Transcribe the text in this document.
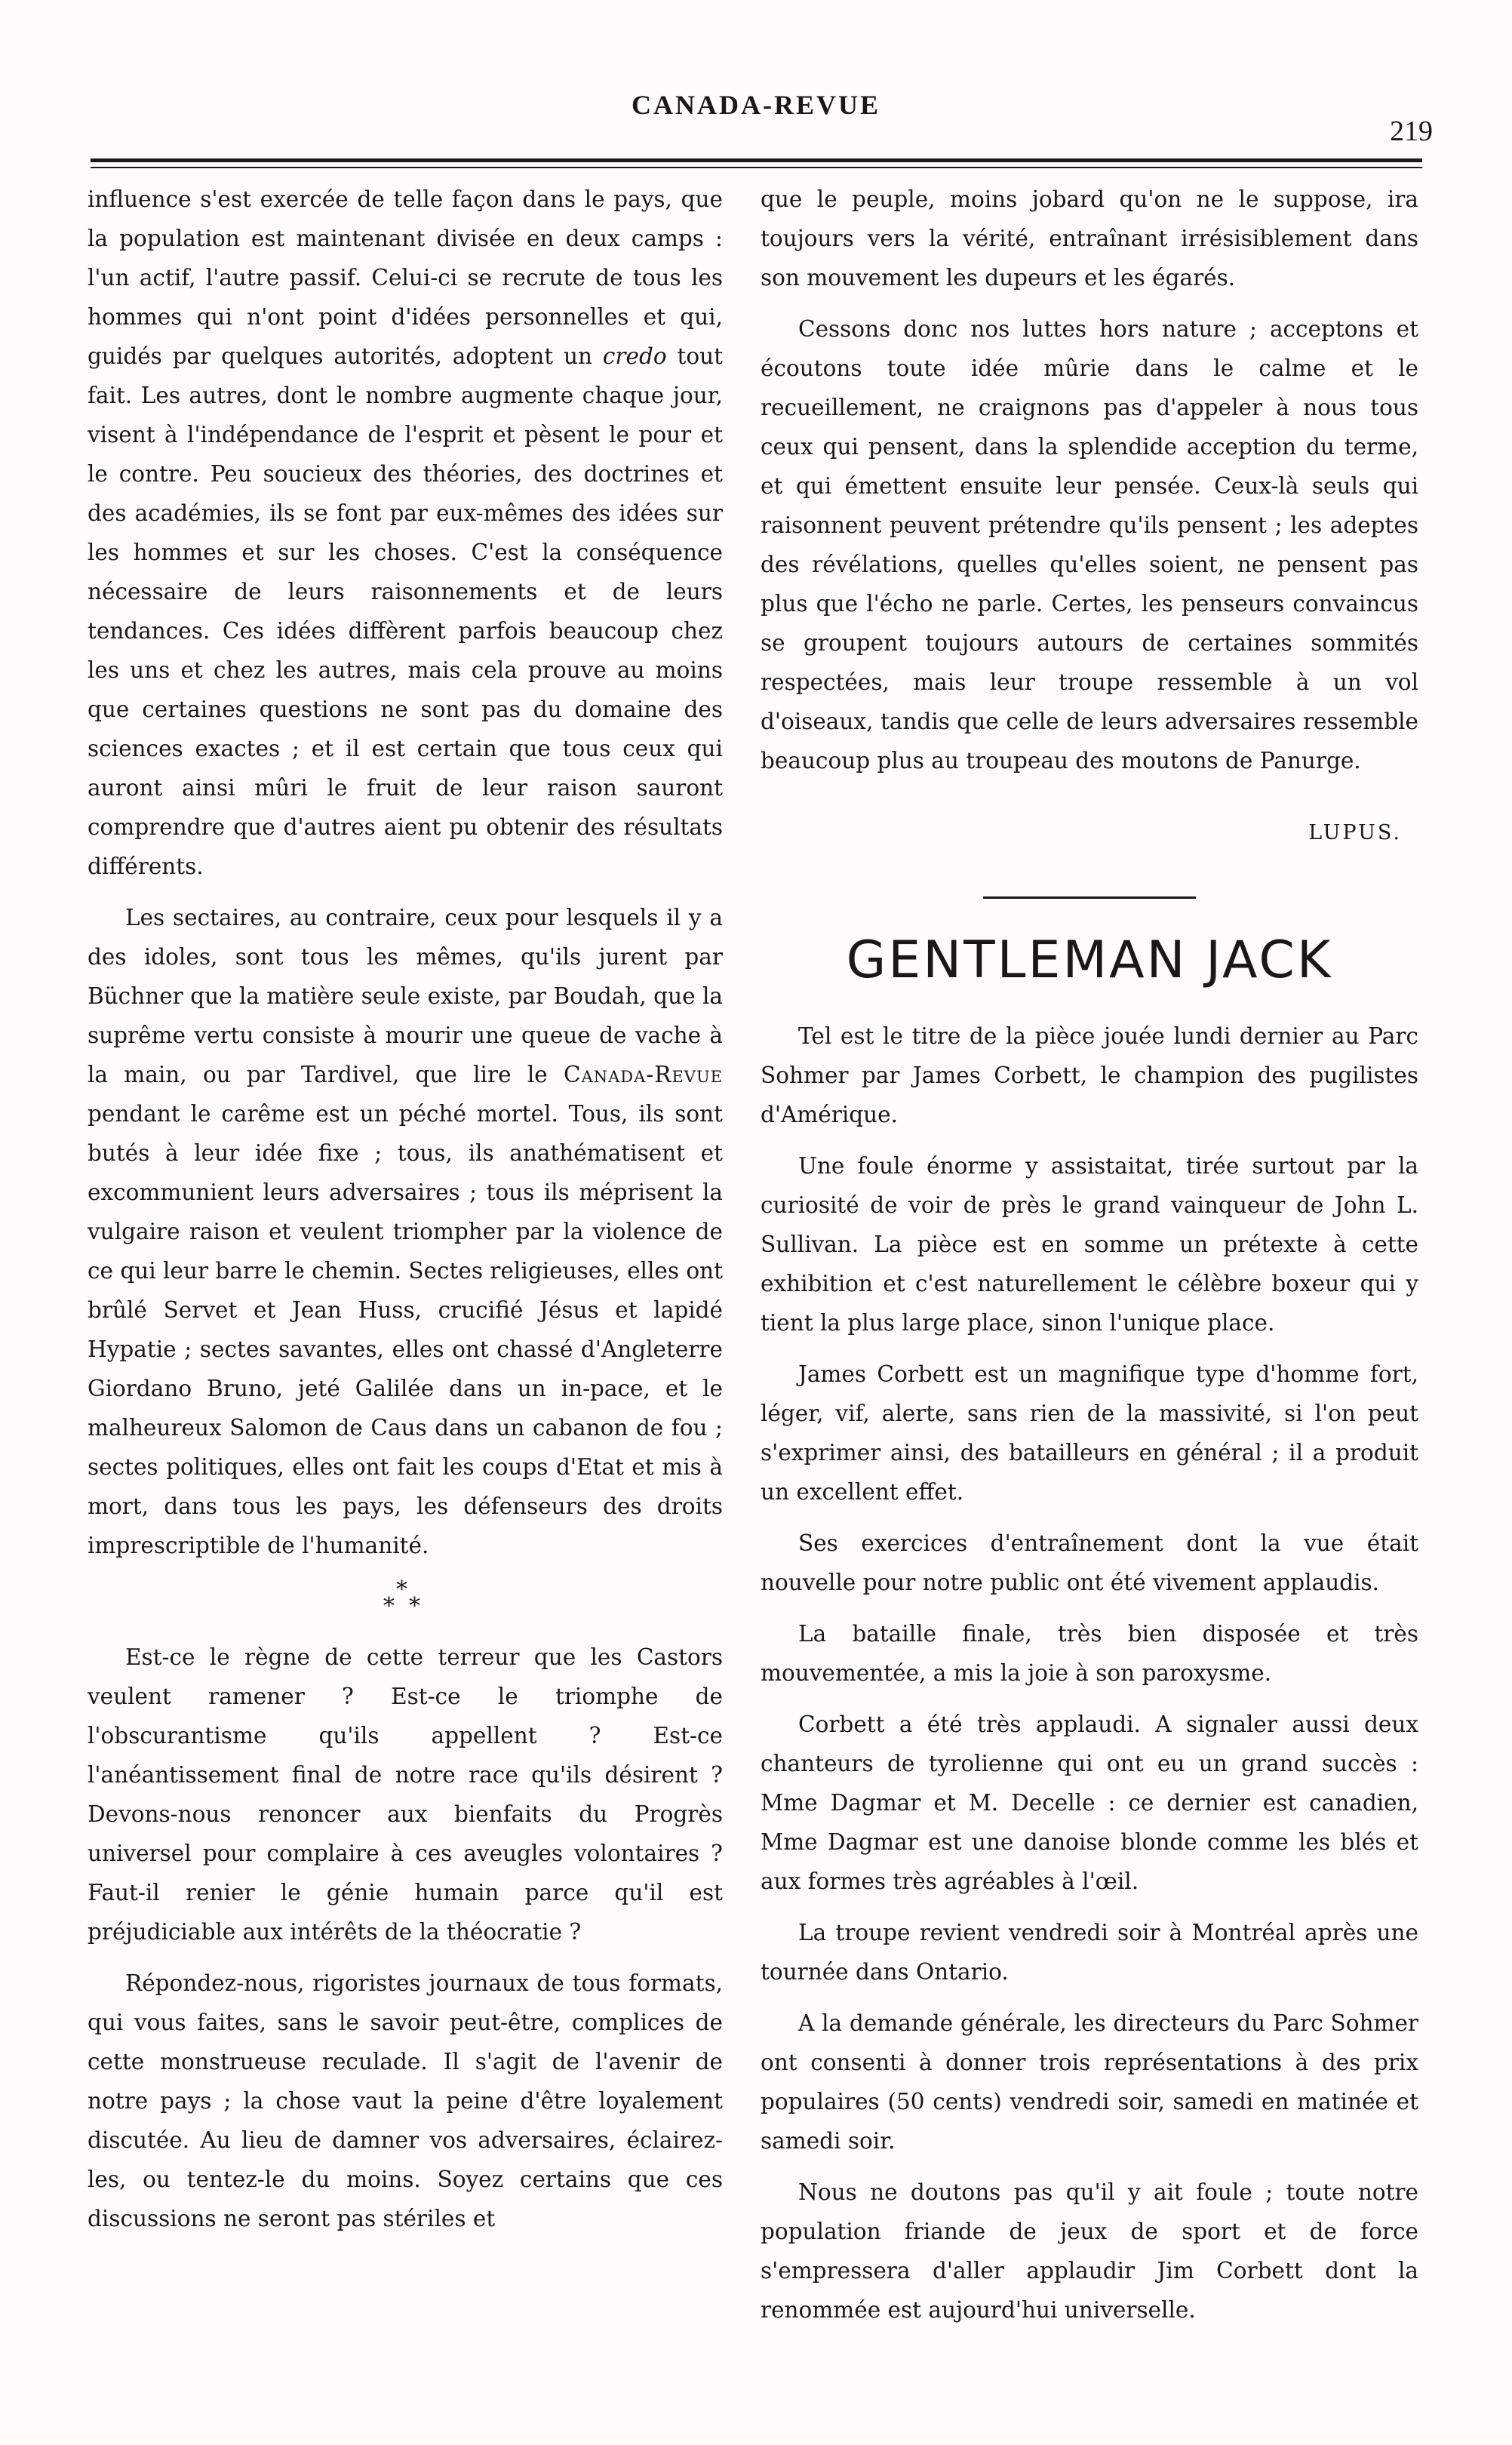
CANADA-REVUE
219

influence s'est exercée de telle façon dans le pays, que la population est maintenant divisée en deux camps : l'un actif, l'autre passif. Celui-ci se recrute de tous les hommes qui n'ont point d'idées personnelles et qui, guidés par quelques autorités, adoptent un credo tout fait. Les autres, dont le nombre augmente chaque jour, visent à l'indépendance de l'esprit et pèsent le pour et le contre. Peu soucieux des théories, des doctrines et des académies, ils se font par eux-mêmes des idées sur les hommes et sur les choses. C'est la conséquence nécessaire de leurs raisonnements et de leurs tendances. Ces idées diffèrent parfois beaucoup chez les uns et chez les autres, mais cela prouve au moins que certaines questions ne sont pas du domaine des sciences exactes ; et il est certain que tous ceux qui auront ainsi mûri le fruit de leur raison sauront comprendre que d'autres aient pu obtenir des résultats différents.

Les sectaires, au contraire, ceux pour lesquels il y a des idoles, sont tous les mêmes, qu'ils jurent par Büchner que la matière seule existe, par Boudah, que la suprême vertu consiste à mourir une queue de vache à la main, ou par Tardivel, que lire le Canada-Revue pendant le carême est un péché mortel. Tous, ils sont butés à leur idée fixe ; tous, ils anathématisent et excommunient leurs adversaires ; tous ils méprisent la vulgaire raison et veulent triompher par la violence de ce qui leur barre le chemin. Sectes religieuses, elles ont brûlé Servet et Jean Huss, crucifié Jésus et lapidé Hypatie ; sectes savantes, elles ont chassé d'Angleterre Giordano Bruno, jeté Galilée dans un in-pace, et le malheureux Salomon de Caus dans un cabanon de fou ; sectes politiques, elles ont fait les coups d'Etat et mis à mort, dans tous les pays, les défenseurs des droits imprescriptible de l'humanité.

*
* *

Est-ce le règne de cette terreur que les Castors veulent ramener ? Est-ce le triomphe de l'obscurantisme qu'ils appellent ? Est-ce l'anéantissement final de notre race qu'ils désirent ? Devons-nous renoncer aux bienfaits du Progrès universel pour complaire à ces aveugles volontaires ? Faut-il renier le génie humain parce qu'il est préjudiciable aux intérêts de la théocratie ?

Répondez-nous, rigoristes journaux de tous formats, qui vous faites, sans le savoir peut-être, complices de cette monstrueuse reculade. Il s'agit de l'avenir de notre pays ; la chose vaut la peine d'être loyalement discutée. Au lieu de damner vos adversaires, éclairez-les, ou tentez-le du moins. Soyez certains que ces discussions ne seront pas stériles et

que le peuple, moins jobard qu'on ne le suppose, ira toujours vers la vérité, entraînant irrésisiblement dans son mouvement les dupeurs et les égarés.

Cessons donc nos luttes hors nature ; acceptons et écoutons toute idée mûrie dans le calme et le recueillement, ne craignons pas d'appeler à nous tous ceux qui pensent, dans la splendide acception du terme, et qui émettent ensuite leur pensée. Ceux-là seuls qui raisonnent peuvent prétendre qu'ils pensent ; les adeptes des révélations, quelles qu'elles soient, ne pensent pas plus que l'écho ne parle. Certes, les penseurs convaincus se groupent toujours autours de certaines sommités respectées, mais leur troupe ressemble à un vol d'oiseaux, tandis que celle de leurs adversaires ressemble beaucoup plus au troupeau des moutons de Panurge.

LUPUS.

GENTLEMAN JACK

Tel est le titre de la pièce jouée lundi dernier au Parc Sohmer par James Corbett, le champion des pugilistes d'Amérique.

Une foule énorme y assistaitat, tirée surtout par la curiosité de voir de près le grand vainqueur de John L. Sullivan. La pièce est en somme un prétexte à cette exhibition et c'est naturellement le célèbre boxeur qui y tient la plus large place, sinon l'unique place.

James Corbett est un magnifique type d'homme fort, léger, vif, alerte, sans rien de la massivité, si l'on peut s'exprimer ainsi, des batailleurs en général ; il a produit un excellent effet.

Ses exercices d'entraînement dont la vue était nouvelle pour notre public ont été vivement applaudis.

La bataille finale, très bien disposée et très mouvementée, a mis la joie à son paroxysme.

Corbett a été très applaudi. A signaler aussi deux chanteurs de tyrolienne qui ont eu un grand succès : Mme Dagmar et M. Decelle : ce dernier est canadien, Mme Dagmar est une danoise blonde comme les blés et aux formes très agréables à l'œil.

La troupe revient vendredi soir à Montréal après une tournée dans Ontario.

A la demande générale, les directeurs du Parc Sohmer ont consenti à donner trois représentations à des prix populaires (50 cents) vendredi soir, samedi en matinée et samedi soir.

Nous ne doutons pas qu'il y ait foule ; toute notre population friande de jeux de sport et de force s'empressera d'aller applaudir Jim Corbett dont la renommée est aujourd'hui universelle.
